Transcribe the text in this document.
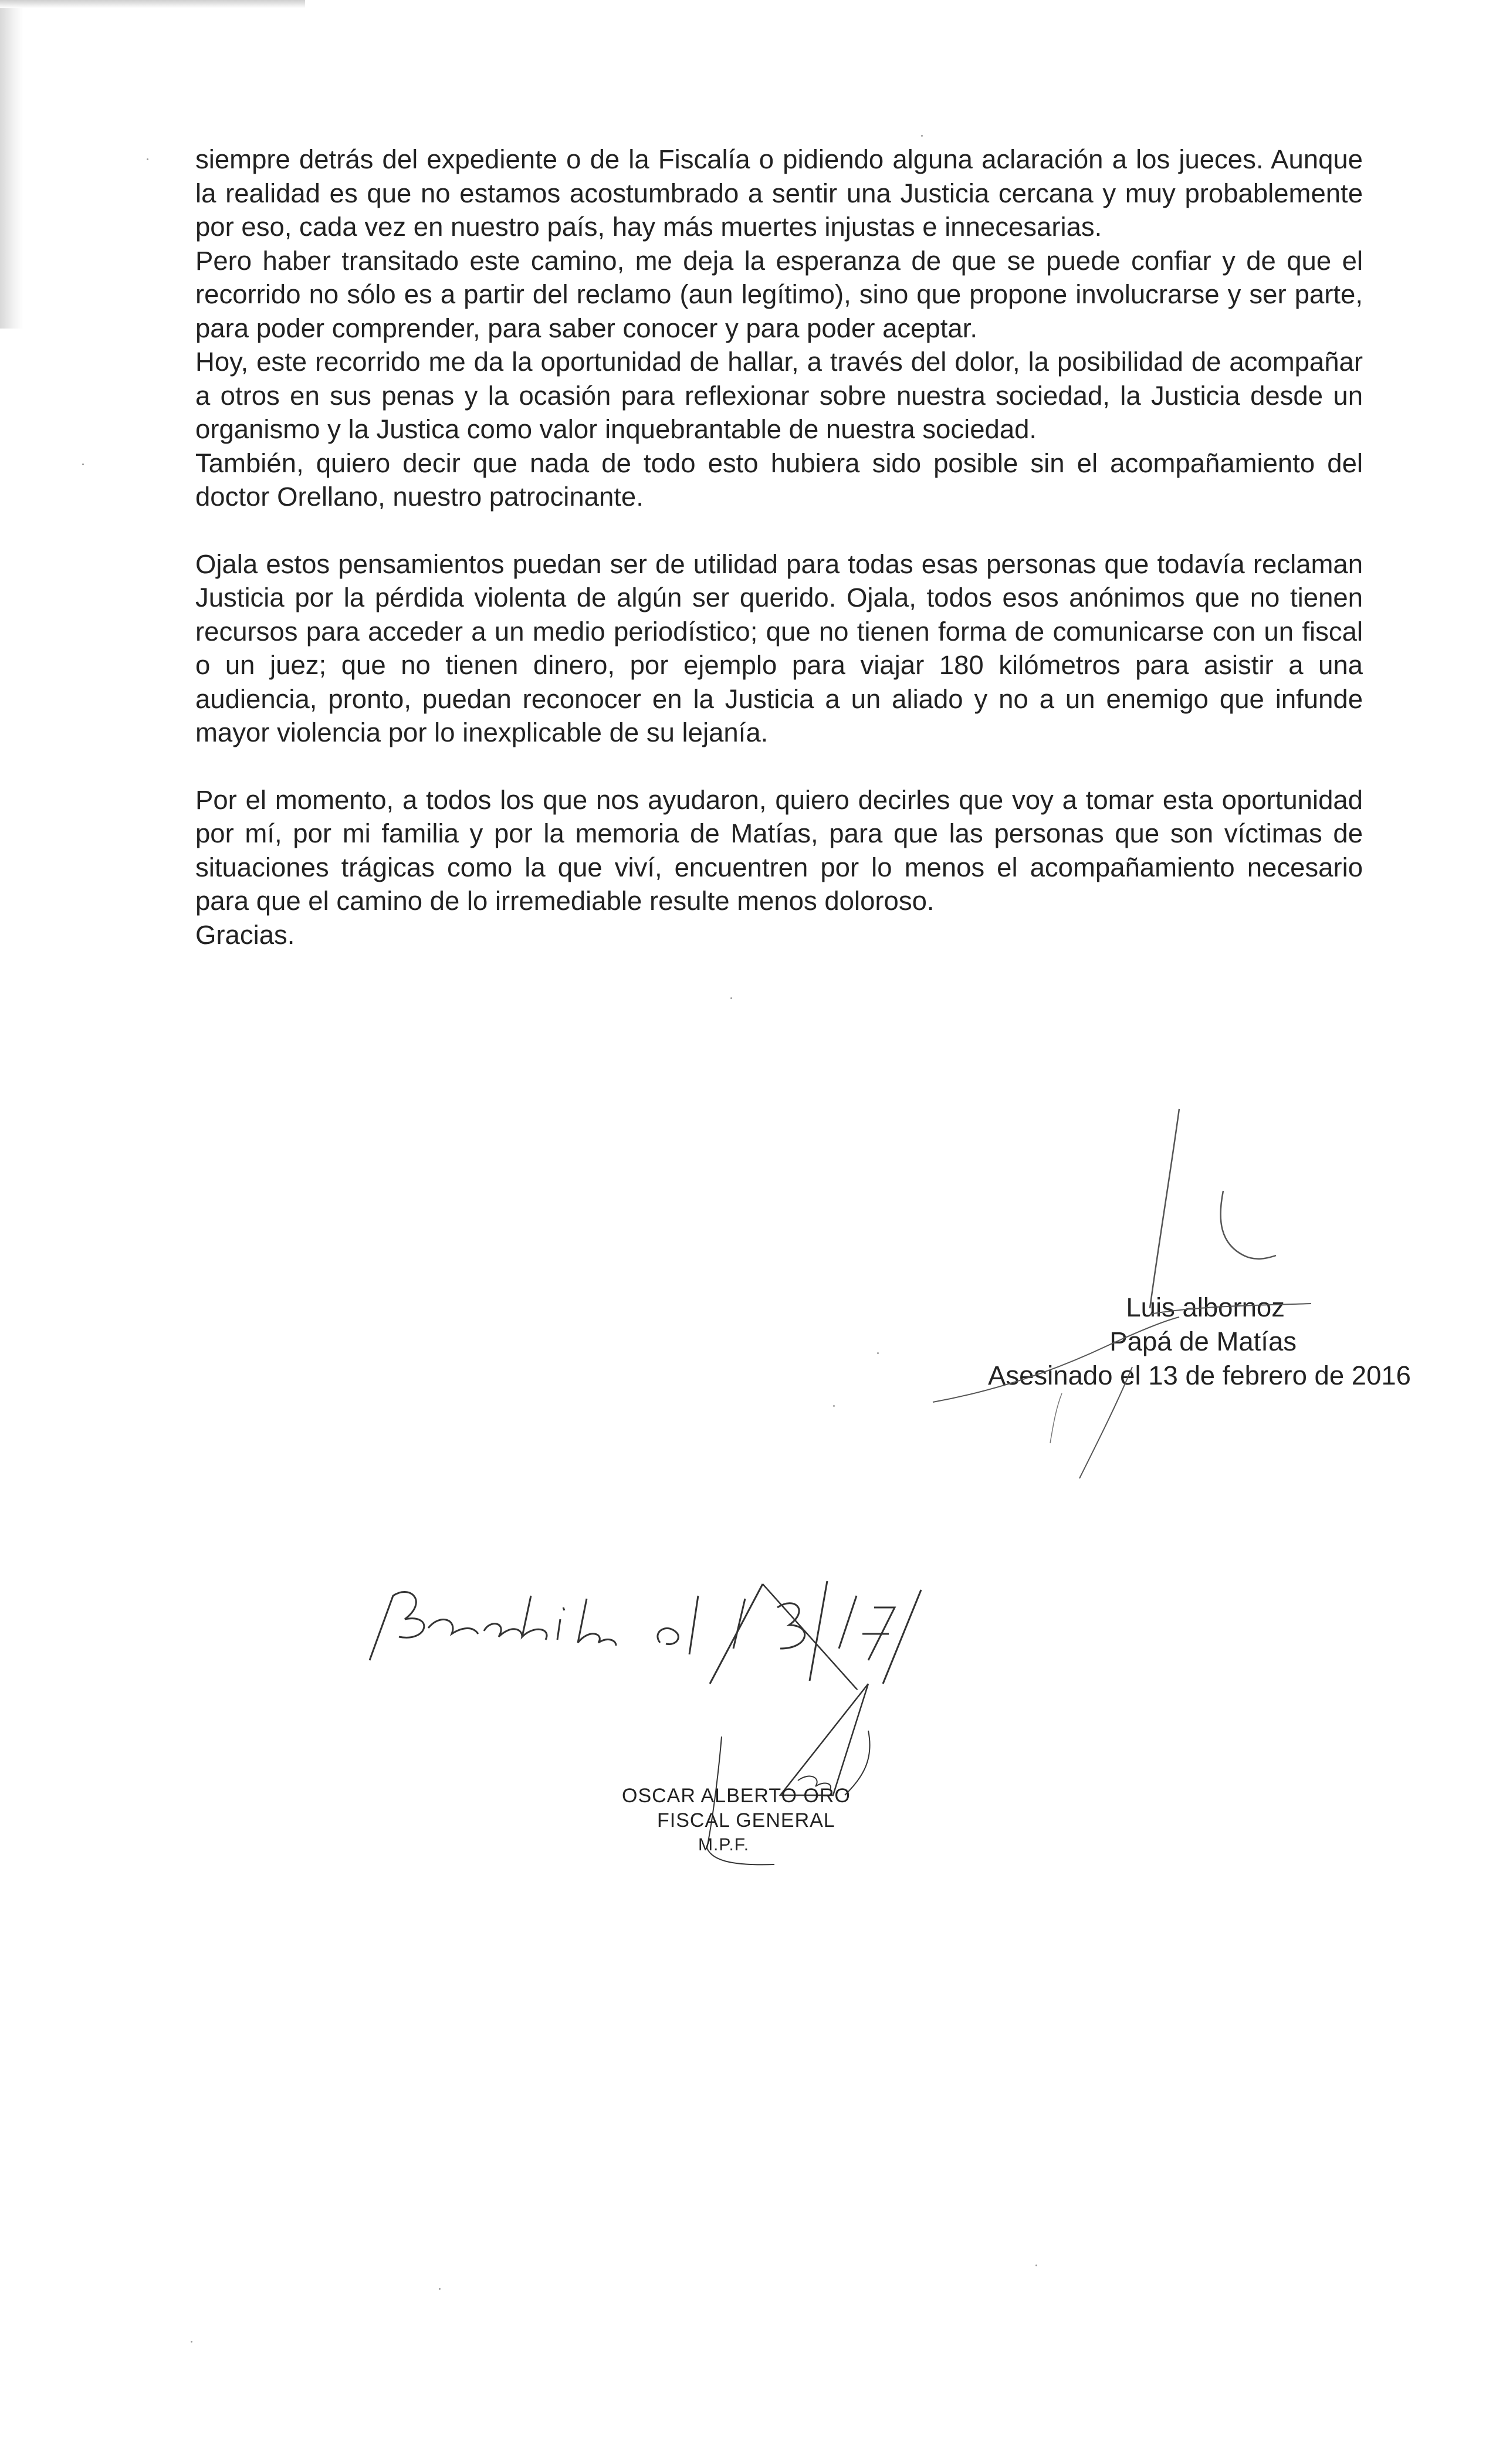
siempre detrás del expediente o de la Fiscalía o pidiendo alguna aclaración a los jueces. Aunque la realidad es que no estamos acostumbrado a sentir una Justicia cercana y muy probablemente por eso, cada vez en nuestro país, hay más muertes injustas e innecesarias.

Pero haber transitado este camino, me deja la esperanza de que se puede confiar y de que el recorrido no sólo es a partir del reclamo (aun legítimo), sino que propone involucrarse y ser parte, para poder comprender, para saber conocer y para poder aceptar.

Hoy, este recorrido me da la oportunidad de hallar, a través del dolor, la posibilidad de acompañar a otros en sus penas y la ocasión para reflexionar sobre nuestra sociedad, la Justicia desde un organismo y la Justica como valor inquebrantable de nuestra sociedad.

También, quiero decir que nada de todo esto hubiera sido posible sin el acompañamiento del doctor Orellano, nuestro patrocinante.

Ojala estos pensamientos puedan ser de utilidad para todas esas personas que todavía reclaman Justicia por la pérdida violenta de algún ser querido. Ojala, todos esos anónimos que no tienen recursos para acceder a un medio periodístico; que no tienen forma de comunicarse con un fiscal o un juez; que no tienen dinero, por ejemplo para viajar 180 kilómetros para asistir a una audiencia, pronto, puedan reconocer en la Justicia a un aliado y no a un enemigo que infunde mayor violencia por lo inexplicable de su lejanía.

Por el momento, a todos los que nos ayudaron, quiero decirles que voy a tomar esta oportunidad por mí, por mi familia y por la memoria de Matías, para que las personas que son víctimas de situaciones trágicas como la que viví, encuentren por lo menos el acompañamiento necesario para que el camino de lo irremediable resulte menos doloroso.

Gracias.

Luis albornoz
Papá de Matías
Asesinado el 13 de febrero de 2016
OSCAR ALBERTO ORO
FISCAL GENERAL
M.P.F.
